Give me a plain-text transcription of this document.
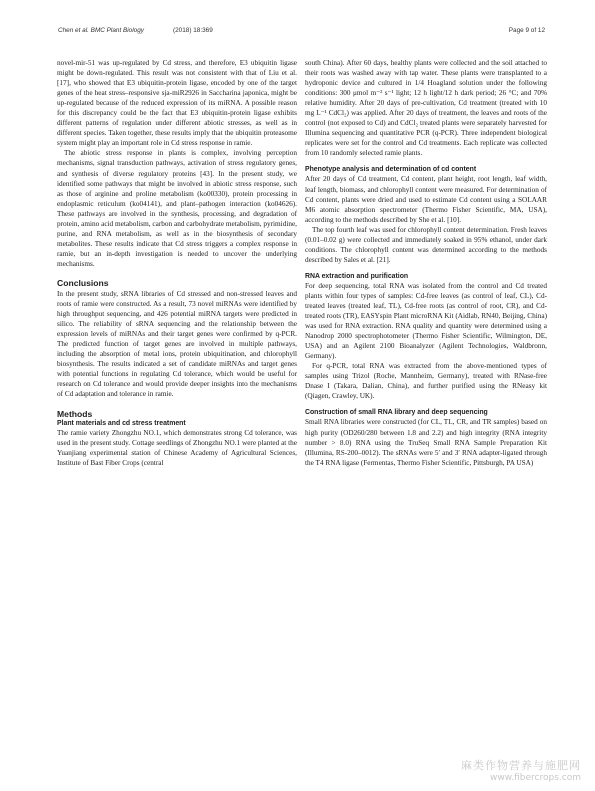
Chen et al. BMC Plant Biology	(2018) 18:369	Page 9 of 12

novel-mir-51 was up-regulated by Cd stress, and therefore, E3 ubiquitin ligase might be down-regulated. This result was not consistent with that of Liu et al. [17], who showed that E3 ubiquitin-protein ligase, encoded by one of the target genes of the heat stress–responsive sja-miR2926 in Saccharina japonica, might be up-regulated because of the reduced expression of its miRNA. A possible reason for this discrepancy could be the fact that E3 ubiquitin-protein ligase exhibits different patterns of regulation under different abiotic stresses, as well as in different species. Taken together, these results imply that the ubiquitin proteasome system might play an important role in Cd stress response in ramie.

The abiotic stress response in plants is complex, involving perception mechanisms, signal transduction pathways, activation of stress regulatory genes, and synthesis of diverse regulatory proteins [43]. In the present study, we identified some pathways that might be involved in abiotic stress response, such as those of arginine and proline metabolism (ko00330), protein processing in endoplasmic reticulum (ko04141), and plant–pathogen interaction (ko04626). These pathways are involved in the synthesis, processing, and degradation of protein, amino acid metabolism, carbon and carbohydrate metabolism, pyrimidine, purine, and RNA metabolism, as well as in the biosynthesis of secondary metabolites. These results indicate that Cd stress triggers a complex response in ramie, but an in-depth investigation is needed to uncover the underlying mechanisms.

Conclusions

In the present study, sRNA libraries of Cd stressed and non-stressed leaves and roots of ramie were constructed. As a result, 73 novel miRNAs were identified by high throughput sequencing, and 426 potential miRNA targets were predicted in silico. The reliability of sRNA sequencing and the relationship between the expression levels of miRNAs and their target genes were confirmed by q-PCR. The predicted function of target genes are involved in multiple pathways, including the absorption of metal ions, protein ubiquitination, and chlorophyll biosynthesis. The results indicated a set of candidate miRNAs and target genes with potential functions in regulating Cd tolerance, which would be useful for research on Cd tolerance and would provide deeper insights into the mechanisms of Cd adaptation and tolerance in ramie.

Methods
Plant materials and cd stress treatment

The ramie variety Zhongzhu NO.1, which demonstrates strong Cd tolerance, was used in the present study. Cottage seedlings of Zhongzhu NO.1 were planted at the Yuanjiang experimental station of Chinese Academy of Agricultural Sciences, Institute of Bast Fiber Crops (central

south China). After 60 days, healthy plants were collected and the soil attached to their roots was washed away with tap water. These plants were transplanted to a hydroponic device and cultured in 1/4 Hoagland solution under the following conditions: 300 μmol m⁻² s⁻¹ light; 12 h light/12 h dark period; 26 °C; and 70% relative humidity. After 20 days of pre-cultivation, Cd treatment (treated with 10 mg L⁻¹ CdCl₂) was applied. After 20 days of treatment, the leaves and roots of the control (not exposed to Cd) and CdCl₂ treated plants were separately harvested for Illumina sequencing and quantitative PCR (q-PCR). Three independent biological replicates were set for the control and Cd treatments. Each replicate was collected from 10 randomly selected ramie plants.

Phenotype analysis and determination of cd content

After 20 days of Cd treatment, Cd content, plant height, root length, leaf width, leaf length, biomass, and chlorophyll content were measured. For determination of Cd content, plants were dried and used to estimate Cd content using a SOLAAR M6 atomic absorption spectrometer (Thermo Fisher Scientific, MA, USA), according to the methods described by She et al. [10].

The top fourth leaf was used for chlorophyll content determination. Fresh leaves (0.01–0.02 g) were collected and immediately soaked in 95% ethanol, under dark conditions. The chlorophyll content was determined according to the methods described by Sales et al. [21].

RNA extraction and purification

For deep sequencing, total RNA was isolated from the control and Cd treated plants within four types of samples: Cd-free leaves (as control of leaf, CL), Cd-treated leaves (treated leaf, TL), Cd-free roots (as control of root, CR), and Cd-treated roots (TR), EASYspin Plant microRNA Kit (Aidlab, RN40, Beijing, China) was used for RNA extraction. RNA quality and quantity were determined using a Nanodrop 2000 spectrophotometer (Thermo Fisher Scientific, Wilmington, DE, USA) and an Agilent 2100 Bioanalyzer (Agilent Technologies, Waldbronn, Germany).

For q-PCR, total RNA was extracted from the above-mentioned types of samples using Trizol (Roche, Mannheim, Germany), treated with RNase-free Dnase I (Takara, Dalian, China), and further purified using the RNeasy kit (Qiagen, Crawley, UK).

Construction of small RNA library and deep sequencing

Small RNA libraries were constructed (for CL, TL, CR, and TR samples) based on high purity (OD260/280 between 1.8 and 2.2) and high integrity (RNA integrity number > 8.0) RNA using the TruSeq Small RNA Sample Preparation Kit (Illumina, RS-200–0012). The sRNAs were 5′ and 3′ RNA adapter-ligated through the T4 RNA ligase (Fermentas, Thermo Fisher Scientific, Pittsburgh, PA USA)

麻类作物营养与施肥网
www.fibercrops.com
